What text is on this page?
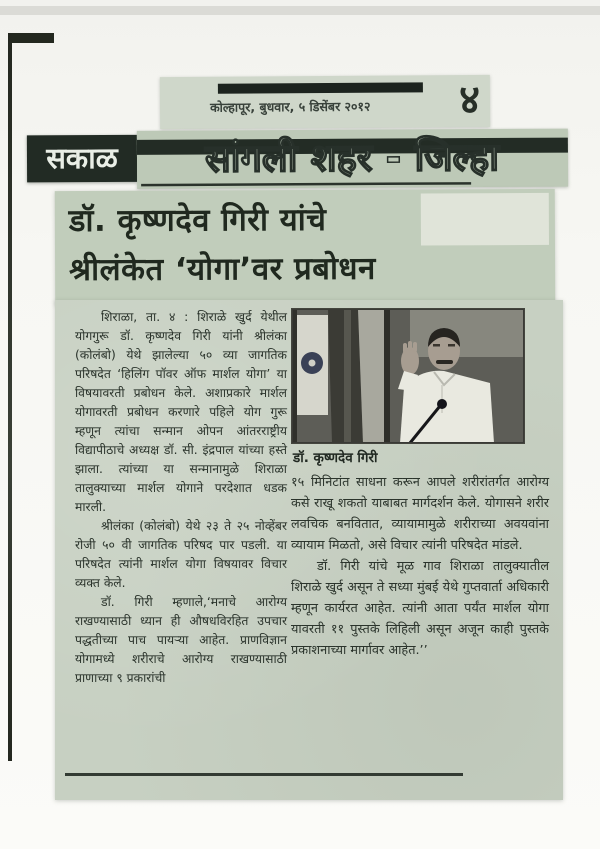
कोल्हापूर, बुधवार, ५ डिसेंबर २०१२	४
सकाळ	सांगली शहर - जिल्हा
डॉ. कृष्णदेव गिरी यांचे
श्रीलंकेत ‘योगा’वर प्रबोधन

शिराळा, ता. ४ : शिराळे खुर्द येथील योगगुरू डॉ. कृष्णदेव गिरी यांनी श्रीलंका (कोलंबो) येथे झालेल्या ५० व्या जागतिक परिषदेत ‘हिलिंग पॉवर ऑफ मार्शल योगा’ या विषयावरती प्रबोधन केले. अशाप्रकारे मार्शल योगावरती प्रबोधन करणारे पहिले योग गुरू म्हणून त्यांचा सन्मान ओपन आंतरराष्ट्रीय विद्यापीठाचे अध्यक्ष डॉ. सी. इंद्रपाल यांच्या हस्ते झाला. त्यांच्या या सन्मानामुळे शिराळा तालुक्याच्या मार्शल योगाने परदेशात धडक मारली.

श्रीलंका (कोलंबो) येथे २३ ते २५ नोव्हेंबर रोजी ५० वी जागतिक परिषद पार पडली. या परिषदेत त्यांनी मार्शल योगा विषयावर विचार व्यक्त केले.

डॉ. गिरी म्हणाले,‘मनाचे आरोग्य राखण्यासाठी ध्यान ही औषधविरहित उपचार पद्धतीच्या पाच पायऱ्या आहेत. प्राणविज्ञान योगामध्ये शरीराचे आरोग्य राखण्यासाठी प्राणाच्या ९ प्रकारांची

डॉ. कृष्णदेव गिरी

१५ मिनिटांत साधना करून आपले शरीरांतर्गत आरोग्य कसे राखू शकतो याबाबत मार्गदर्शन केले. योगासने शरीर लवचिक बनवितात, व्यायामामुळे शरीराच्या अवयवांना व्यायाम मिळतो, असे विचार त्यांनी परिषदेत मांडले.

डॉ. गिरी यांचे मूळ गाव शिराळा तालुक्यातील शिराळे खुर्द असून ते सध्या मुंबई येथे गुप्तवार्ता अधिकारी म्हणून कार्यरत आहेत. त्यांनी आता पर्यंत मार्शल योगा यावरती ११ पुस्तके लिहिली असून अजून काही पुस्तके प्रकाशनाच्या मार्गावर आहेत.’’
